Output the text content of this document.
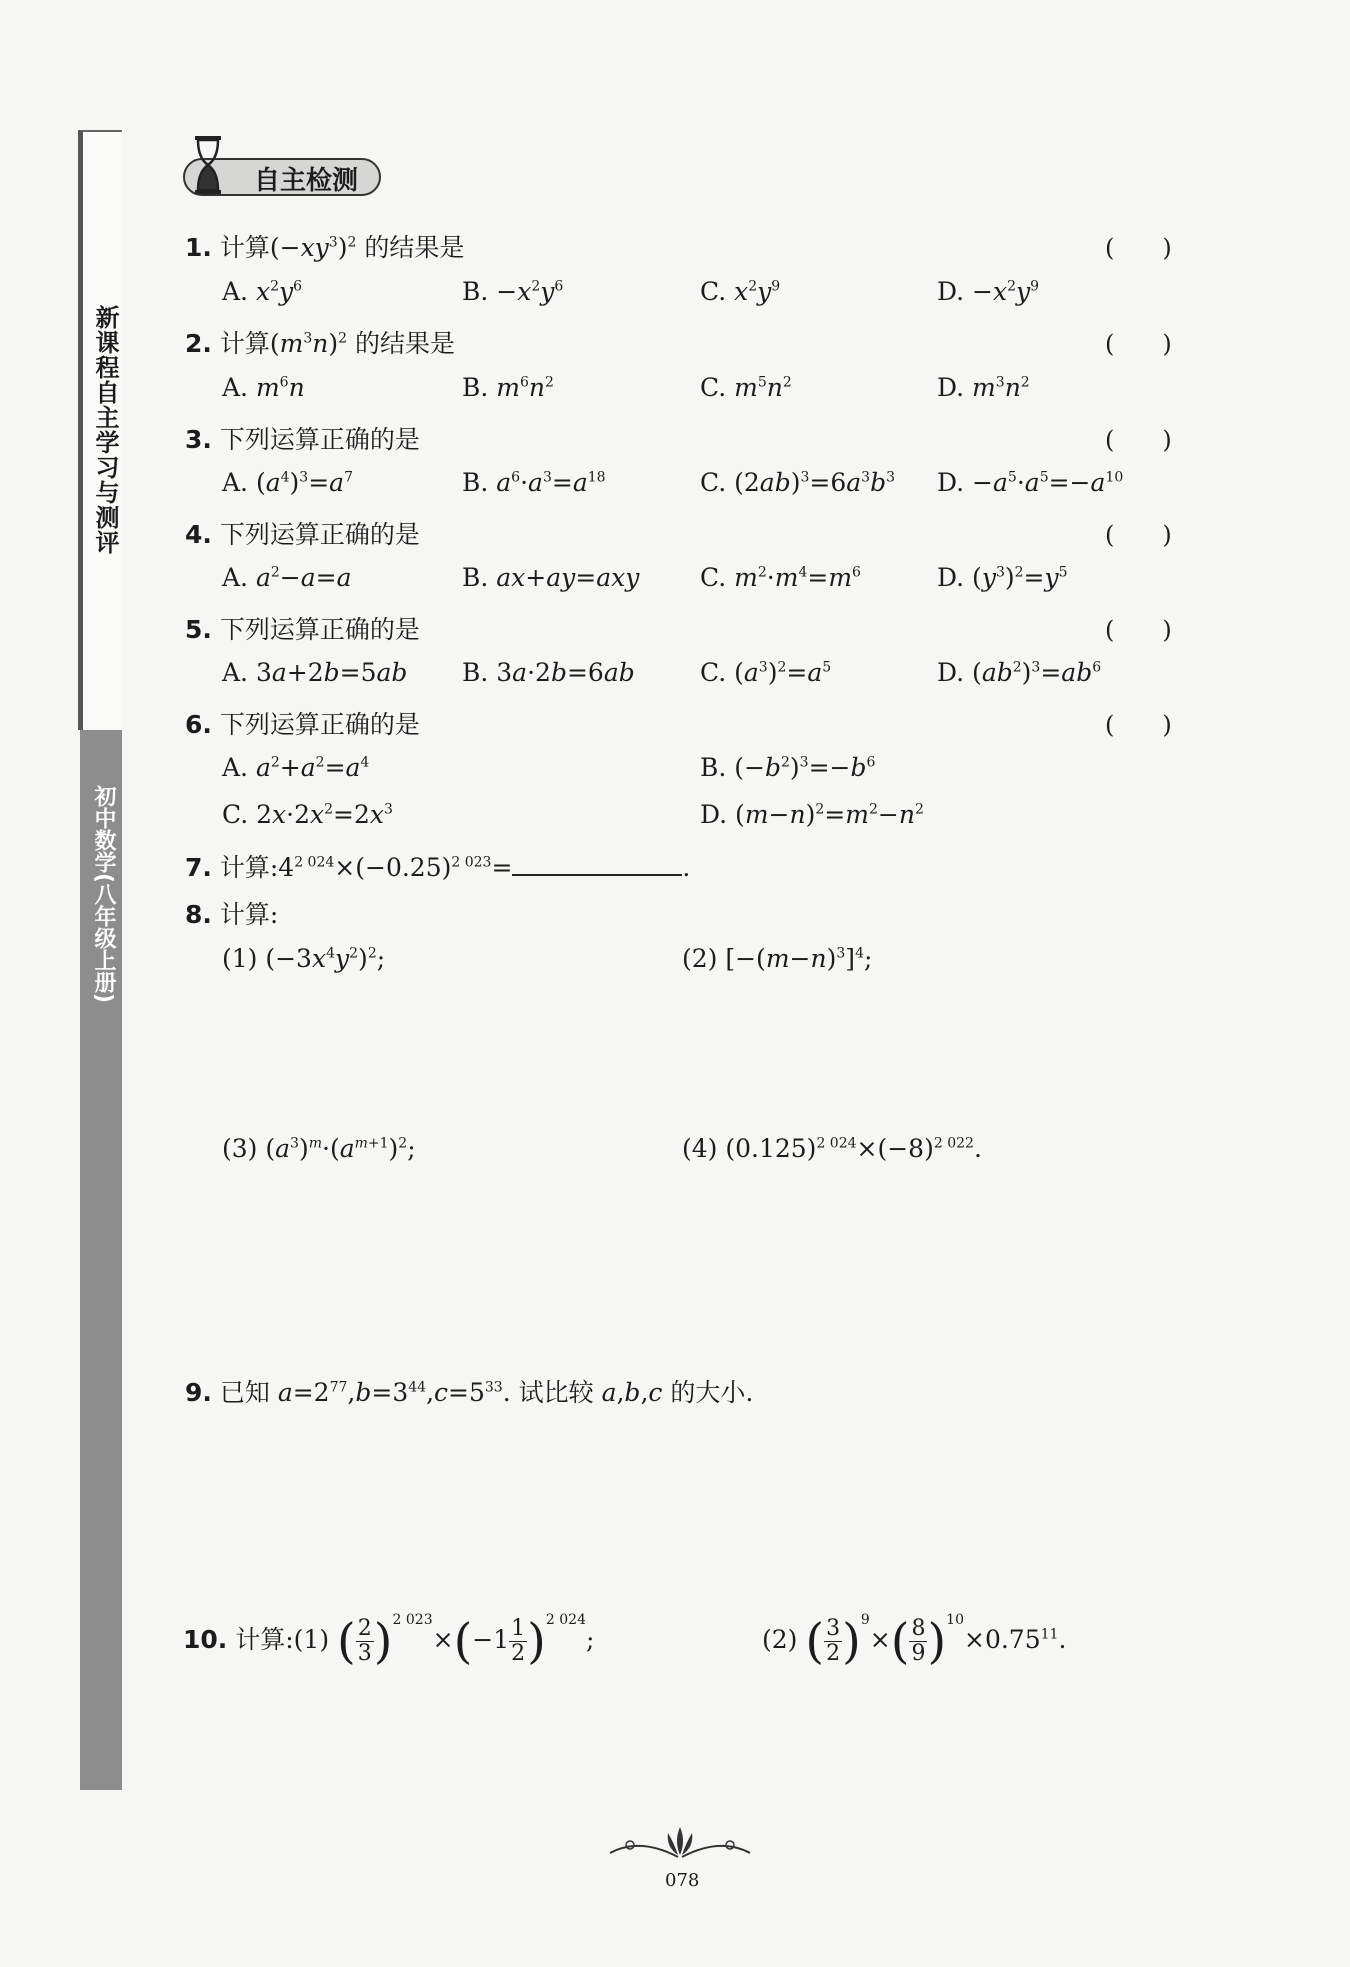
新课程自主学习与测评
初中数学(八年级上册)
自主检测
1. 计算$(-xy^3)^2$ 的结果是	(　　)
A. $x^2y^6$	B. $-x^2y^6$	C. $x^2y^9$	D. $-x^2y^9$
2. 计算$(m^3n)^2$ 的结果是	(　　)
A. $m^6n$	B. $m^6n^2$	C. $m^5n^2$	D. $m^3n^2$
3. 下列运算正确的是	(　　)
A. $(a^4)^3=a^7$	B. $a^6\cdot a^3=a^{18}$	C. $(2ab)^3=6a^3b^3$ D. $-a^5\cdot a^5=-a^{10}$
4. 下列运算正确的是	(　　)
A. $a^2-a=a$	B. ax+ay=axy C. $m^2\cdot m^4=m^6$	D. $(y^3)^2=y^5$
5. 下列运算正确的是	(　　)
A. 3a+2b=5ab B. 3a·2b=6ab	C. $(a^3)^2=a^5$	D. $(ab^2)^3=ab^6$
6. 下列运算正确的是	(　　)
A. $a^2+a^2=a^4$	B. $(-b^2)^3=-b^6$
C. $2x\cdot 2x^2=2x^3$	D. $(m-n)^2=m^2-n^2$
7. 计算$:4^{2 024}\times(-0.25)^{2 023}=$	.
8. 计算:
(1) $(-3x^4y^2)^2$;	(2) $[-(m-n)^3]^4$;
(3) $(a^3)^m\cdot(a^{m+1})^2$;	(4) $(0.125)^{2 024}\times(-8)^{2 022}$.
9. 已知 $a=2^{77},b=3^{44},c=5^{33}$. 试比较 a,b,c 的大小.
10. 计算:(1) ( $\frac{2}{3} )^{2 023}\times(-1 \frac{1}{2} )^{2 024}$;	(2) ( $\frac{3}{2} )^9\times( \frac{8}{9} )^{10}\times 0.75^{11}$.
078
